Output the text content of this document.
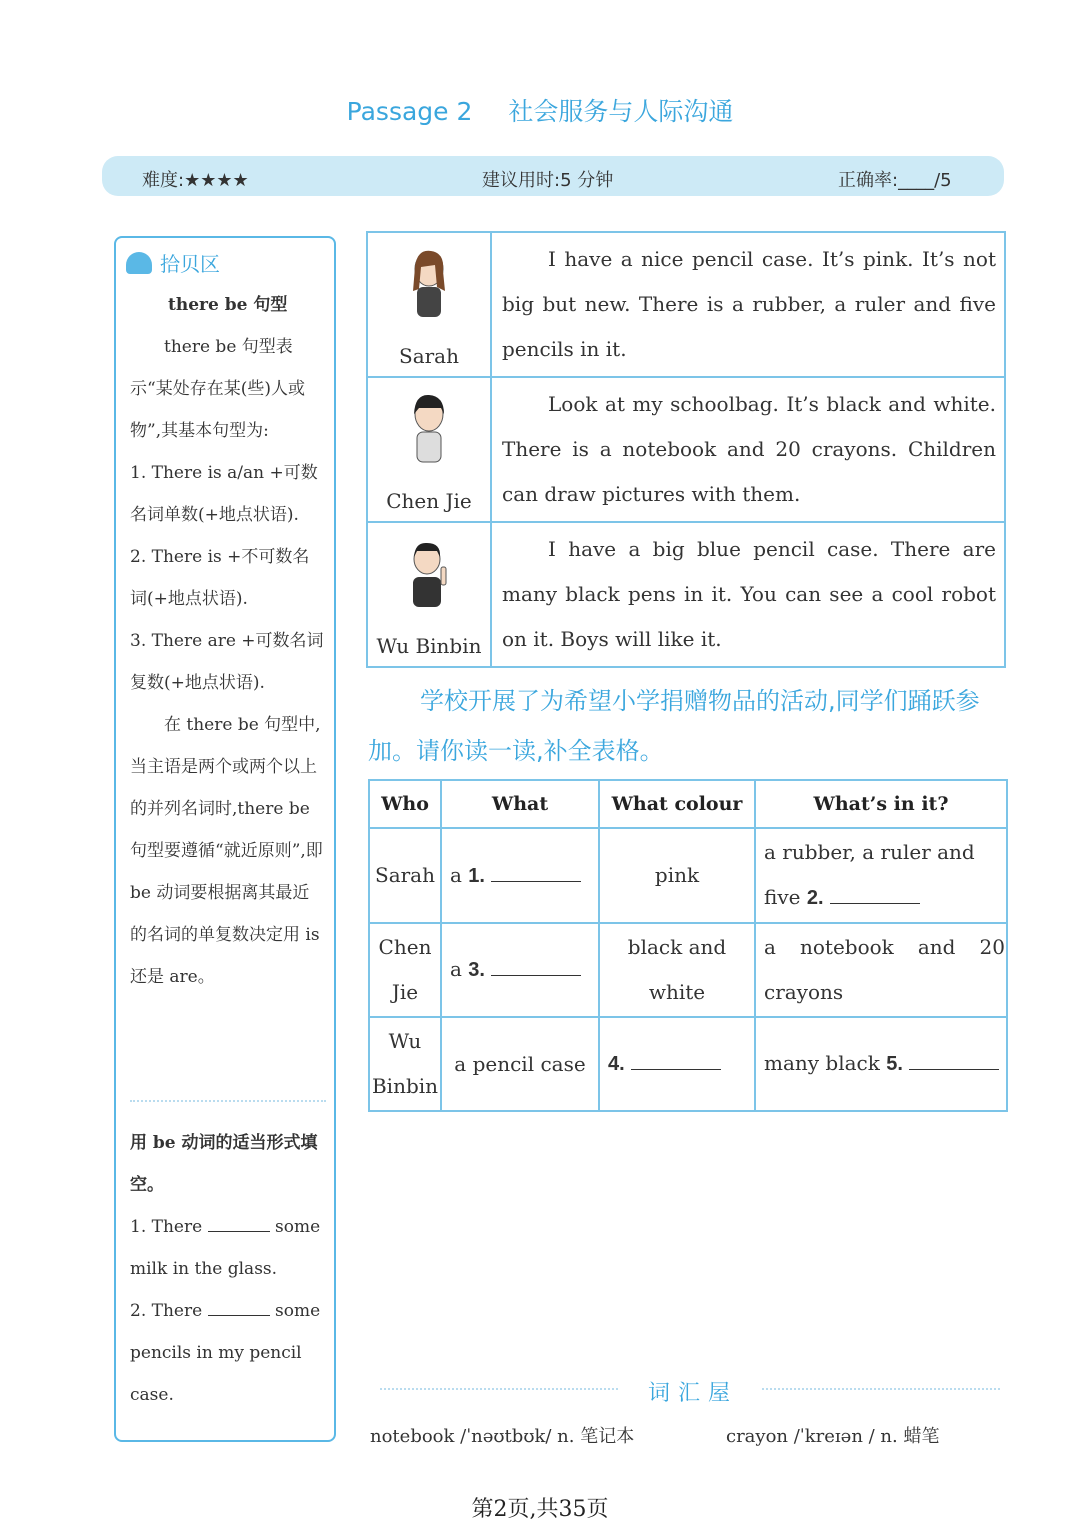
Passage 2 社会服务与人际沟通
难度:★★★★	建议用时:5 分钟	正确率:____/5
拾贝区

there be 句型

there be 句型表示“某处存在某(些)人或物”,其基本句型为:

1. There is a/an +可数名词单数(+地点状语).

2. There is +不可数名词(+地点状语).

3. There are +可数名词复数(+地点状语).

在 there be 句型中,当主语是两个或两个以上的并列名词时,there be 句型要遵循“就近原则”,即 be 动词要根据离其最近的名词的单复数决定用 is 还是 are。

用 be 动词的适当形式填空。

1. There	some milk in the glass.

2. There	some pencils in my pencil case.

Sarah	I have a nice pencil case. It’s pink. It’s not big but new. There is a rubber, a ruler and five pencils in it.

Chen Jie	Look at my schoolbag. It’s black and white. There is a notebook and 20 crayons. Children can draw pictures with them.

Wu Binbin	I have a big blue pencil case. There are many black pens in it. You can see a cool robot on it. Boys will like it.
学校开展了为希望小学捐赠物品的活动,同学们踊跃参加。请你读一读,补全表格。
Who	What	What colour	What’s in it?
Sarah	a 1.	pink	a rubber, a ruler and five 2.
Chen Jie	a 3.	black and white	a notebook and 20 crayons
Wu Binbin	a pencil case	4.	many black 5.
词汇屋
notebook /ˈnəʊtbʊk/ n. 笔记本	crayon /ˈkreɪən / n. 蜡笔
第2页,共35页
